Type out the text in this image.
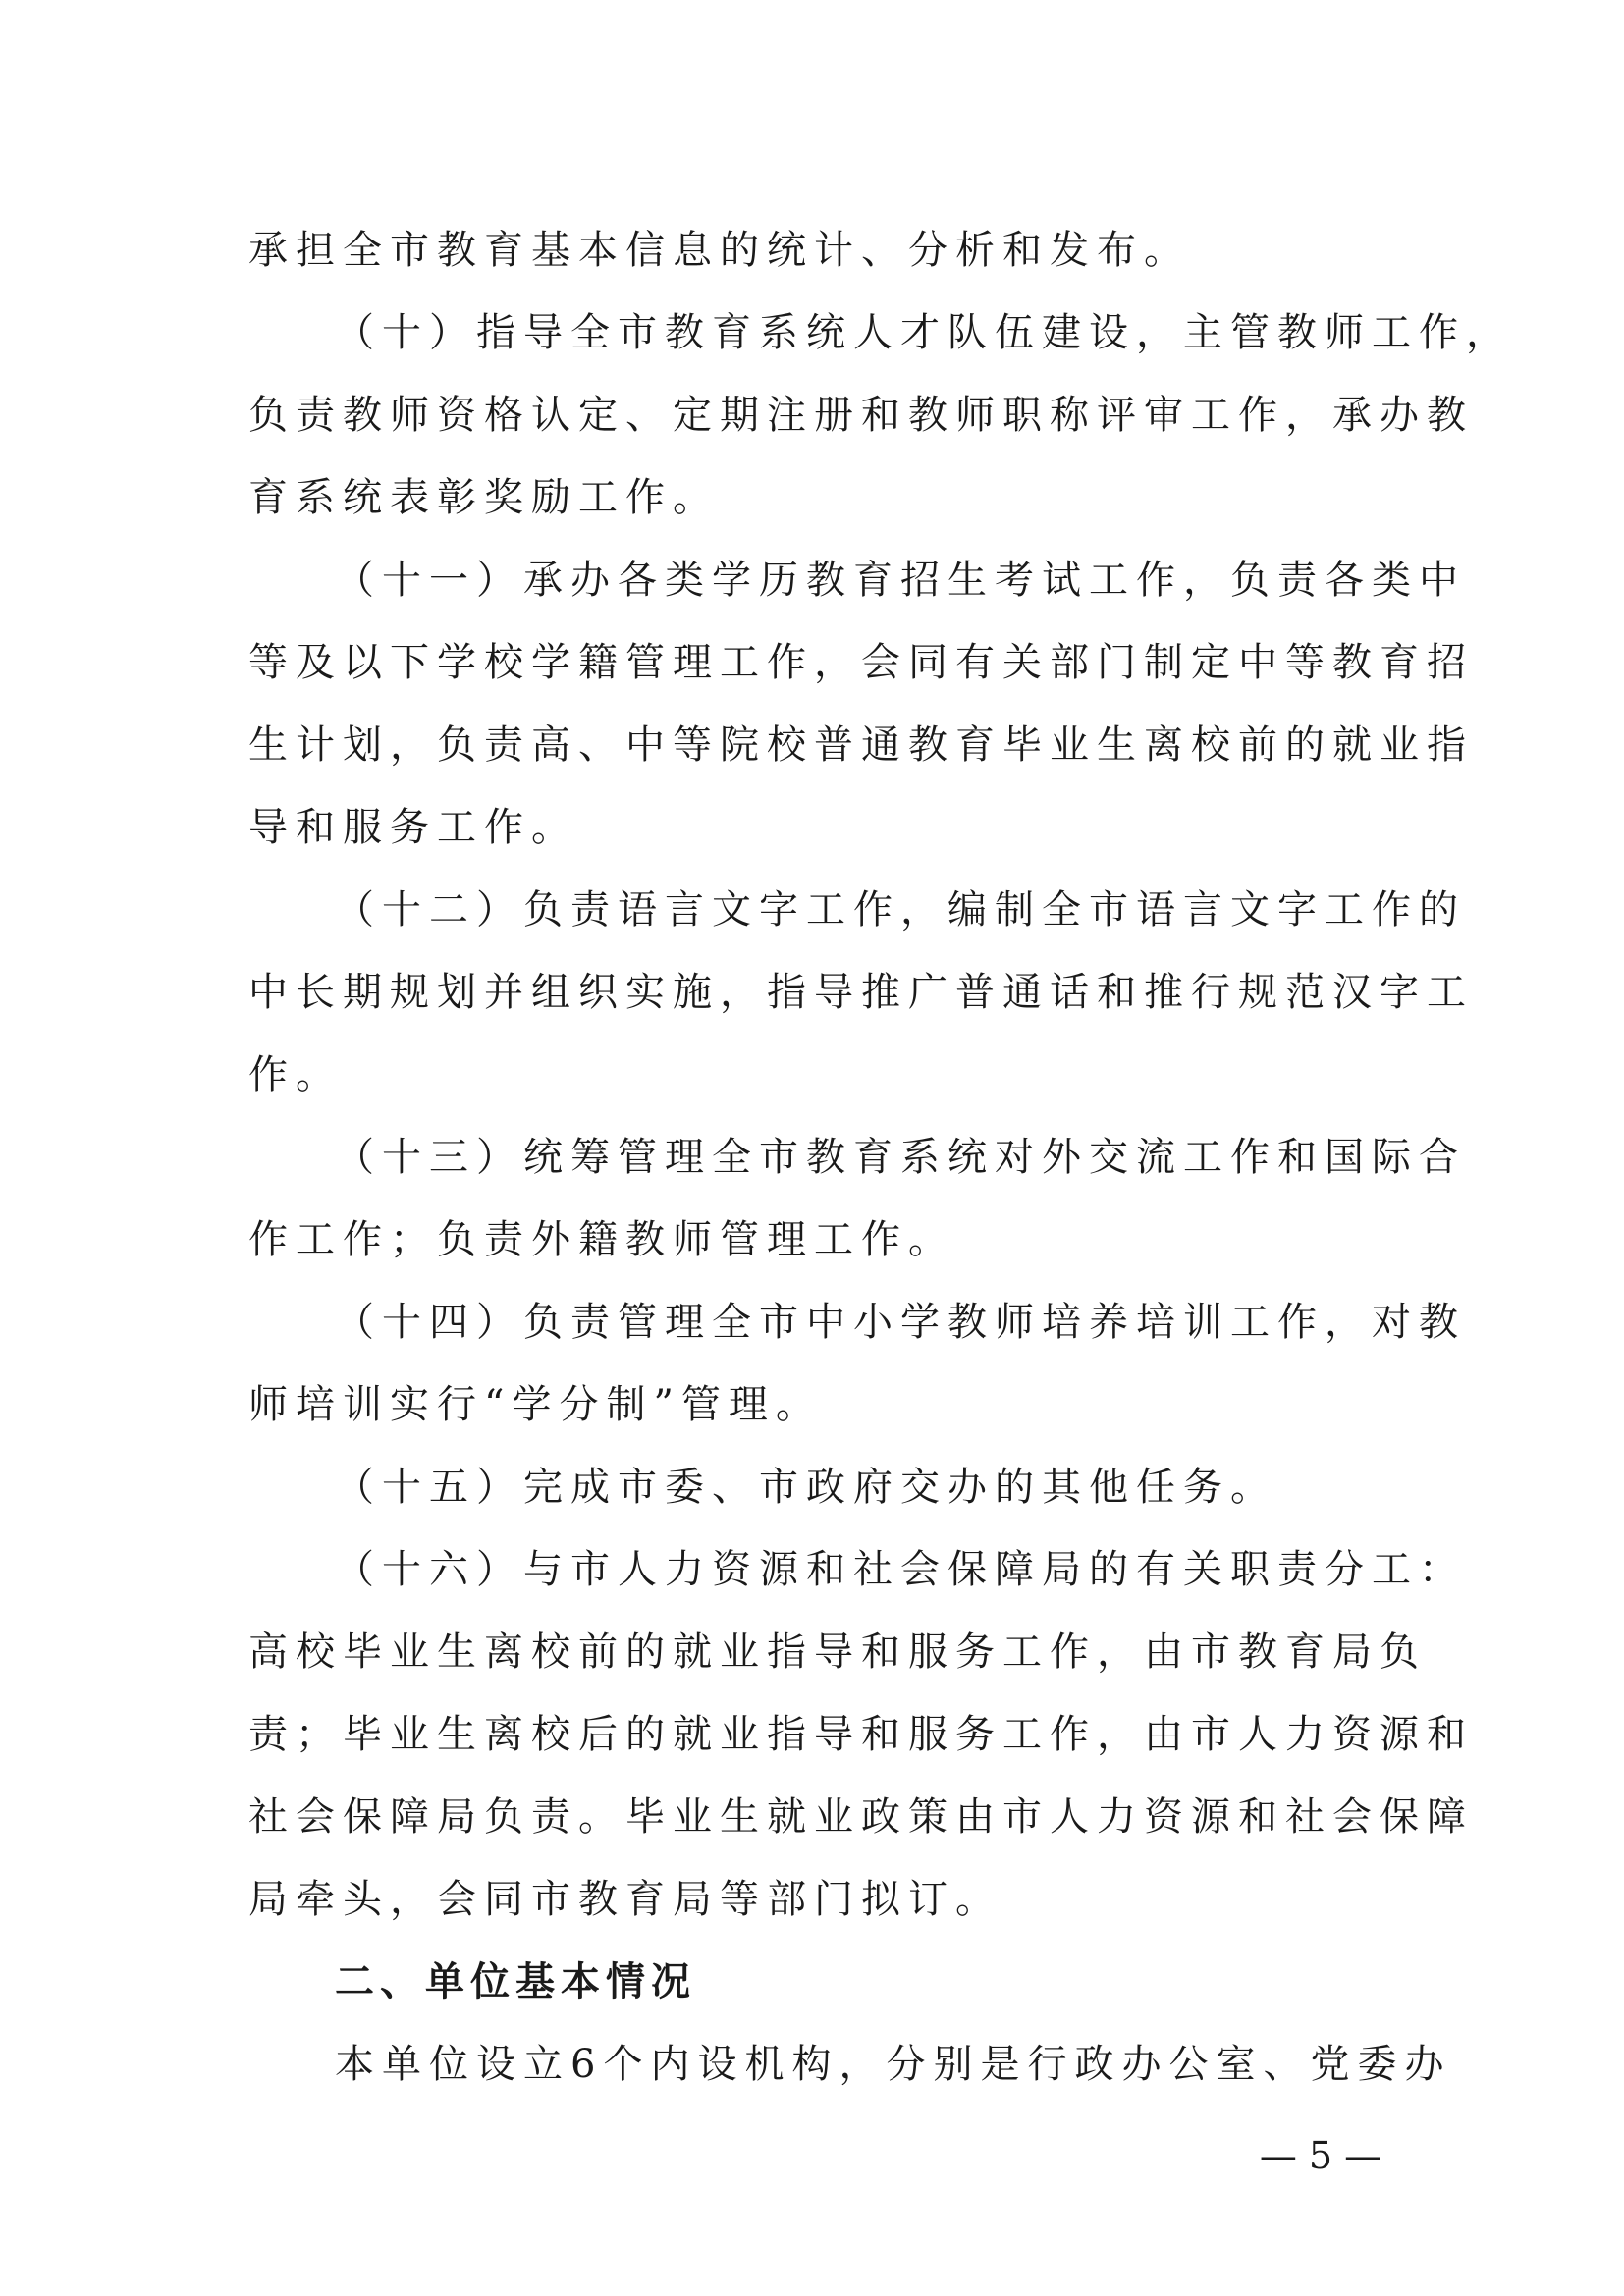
承担全市教育基本信息的统计、分析和发布。
（十）指导全市教育系统人才队伍建设，主管教师工作，
负责教师资格认定、定期注册和教师职称评审工作，承办教
育系统表彰奖励工作。
（十一）承办各类学历教育招生考试工作，负责各类中
等及以下学校学籍管理工作，会同有关部门制定中等教育招
生计划，负责高、中等院校普通教育毕业生离校前的就业指
导和服务工作。
（十二）负责语言文字工作，编制全市语言文字工作的
中长期规划并组织实施，指导推广普通话和推行规范汉字工
作。
（十三）统筹管理全市教育系统对外交流工作和国际合
作工作；负责外籍教师管理工作。
（十四）负责管理全市中小学教师培养培训工作，对教
师培训实行“学分制”管理。
（十五）完成市委、市政府交办的其他任务。
（十六）与市人力资源和社会保障局的有关职责分工：
高校毕业生离校前的就业指导和服务工作，由市教育局负
责；毕业生离校后的就业指导和服务工作，由市人力资源和
社会保障局负责。毕业生就业政策由市人力资源和社会保障
局牵头，会同市教育局等部门拟订。
二、单位基本情况
本单位设立6个内设机构，分别是行政办公室、党委办
— 5 —
